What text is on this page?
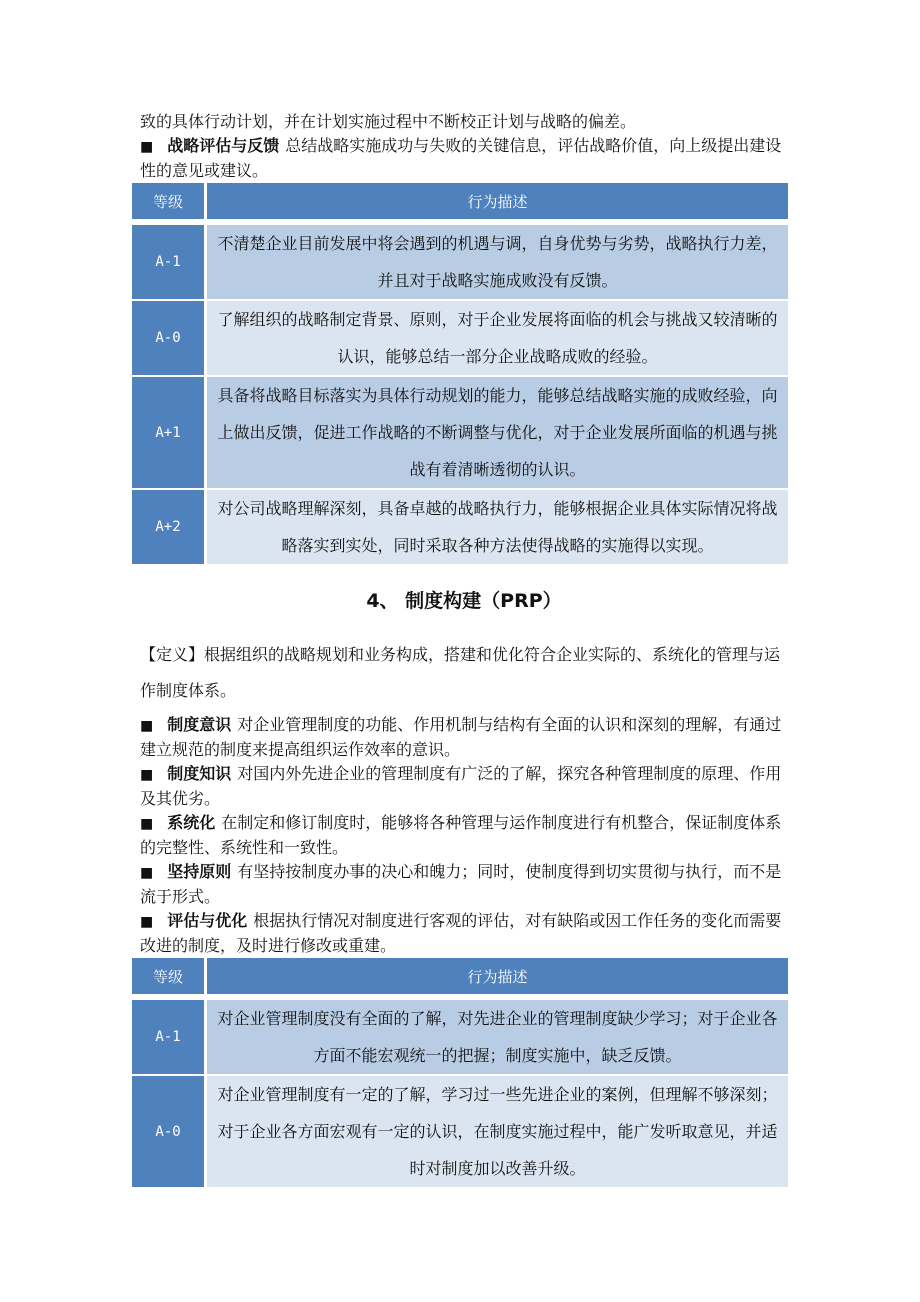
致的具体行动计划，并在计划实施过程中不断校正计划与战略的偏差。

■ 战略评估与反馈 总结战略实施成功与失败的关键信息，评估战略价值，向上级提出建设性的意见或建议。

等级	行为描述
A-1	不清楚企业目前发展中将会遇到的机遇与调，自身优势与劣势，战略执行力差，并且对于战略实施成败没有反馈。
A-0	了解组织的战略制定背景、原则，对于企业发展将面临的机会与挑战又较清晰的认识，能够总结一部分企业战略成败的经验。
A+1	具备将战略目标落实为具体行动规划的能力，能够总结战略实施的成败经验，向上做出反馈，促进工作战略的不断调整与优化，对于企业发展所面临的机遇与挑战有着清晰透彻的认识。
A+2	对公司战略理解深刻，具备卓越的战略执行力，能够根据企业具体实际情况将战略落实到实处，同时采取各种方法使得战略的实施得以实现。
4、 制度构建（PRP）

【定义】根据组织的战略规划和业务构成，搭建和优化符合企业实际的、系统化的管理与运作制度体系。

■ 制度意识 对企业管理制度的功能、作用机制与结构有全面的认识和深刻的理解，有通过建立规范的制度来提高组织运作效率的意识。

■ 制度知识 对国内外先进企业的管理制度有广泛的了解，探究各种管理制度的原理、作用及其优劣。

■ 系统化 在制定和修订制度时，能够将各种管理与运作制度进行有机整合，保证制度体系的完整性、系统性和一致性。

■ 坚持原则 有坚持按制度办事的决心和魄力；同时，使制度得到切实贯彻与执行，而不是流于形式。

■ 评估与优化 根据执行情况对制度进行客观的评估，对有缺陷或因工作任务的变化而需要改进的制度，及时进行修改或重建。

等级	行为描述
A-1	对企业管理制度没有全面的了解，对先进企业的管理制度缺少学习；对于企业各方面不能宏观统一的把握；制度实施中，缺乏反馈。
A-0	对企业管理制度有一定的了解，学习过一些先进企业的案例，但理解不够深刻；对于企业各方面宏观有一定的认识，在制度实施过程中，能广发听取意见，并适时对制度加以改善升级。
